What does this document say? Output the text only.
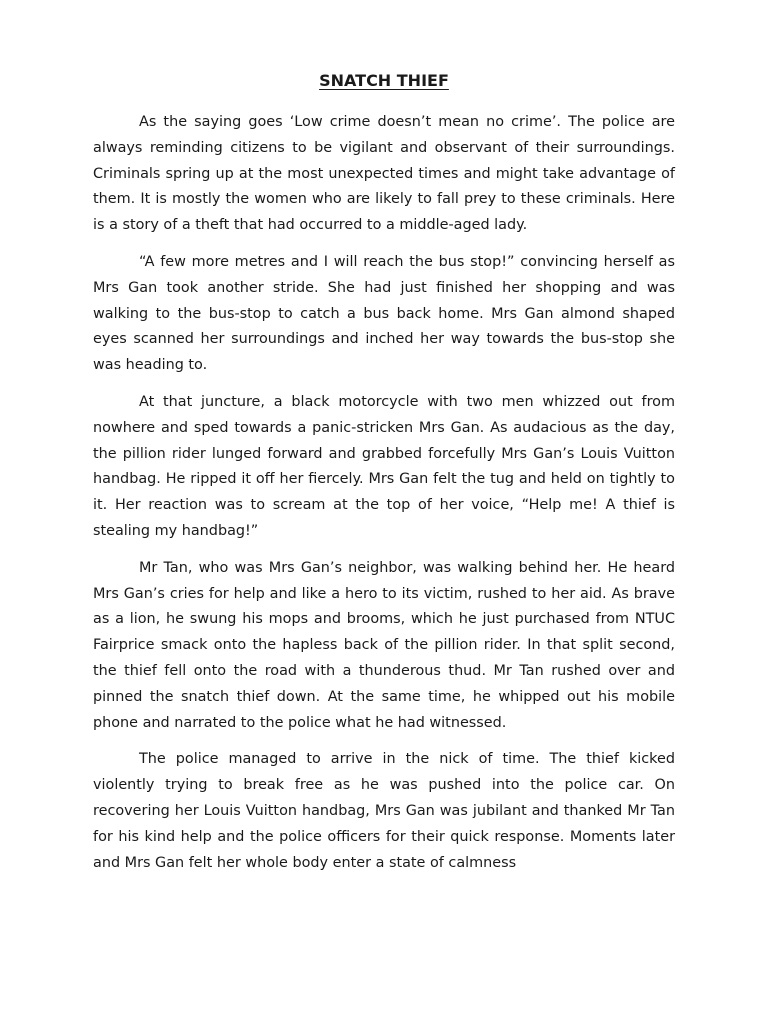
SNATCH THIEF

As the saying goes ‘Low crime doesn’t mean no crime’. The police are always reminding citizens to be vigilant and observant of their surroundings. Criminals spring up at the most unexpected times and might take advantage of them. It is mostly the women who are likely to fall prey to these criminals. Here is a story of a theft that had occurred to a middle-aged lady.

“A few more metres and I will reach the bus stop!” convincing herself as Mrs Gan took another stride. She had just finished her shopping and was walking to the bus-stop to catch a bus back home. Mrs Gan almond shaped eyes scanned her surroundings and inched her way towards the bus-stop she was heading to.

At that juncture, a black motorcycle with two men whizzed out from nowhere and sped towards a panic-stricken Mrs Gan. As audacious as the day, the pillion rider lunged forward and grabbed forcefully Mrs Gan’s Louis Vuitton handbag. He ripped it off her fiercely. Mrs Gan felt the tug and held on tightly to it. Her reaction was to scream at the top of her voice, “Help me! A thief is stealing my handbag!”

Mr Tan, who was Mrs Gan’s neighbor, was walking behind her. He heard Mrs Gan’s cries for help and like a hero to its victim, rushed to her aid. As brave as a lion, he swung his mops and brooms, which he just purchased from NTUC Fairprice smack onto the hapless back of the pillion rider. In that split second, the thief fell onto the road with a thunderous thud. Mr Tan rushed over and pinned the snatch thief down. At the same time, he whipped out his mobile phone and narrated to the police what he had witnessed.

The police managed to arrive in the nick of time. The thief kicked violently trying to break free as he was pushed into the police car. On recovering her Louis Vuitton handbag, Mrs Gan was jubilant and thanked Mr Tan for his kind help and the police officers for their quick response. Moments later and Mrs Gan felt her whole body enter a state of calmness
